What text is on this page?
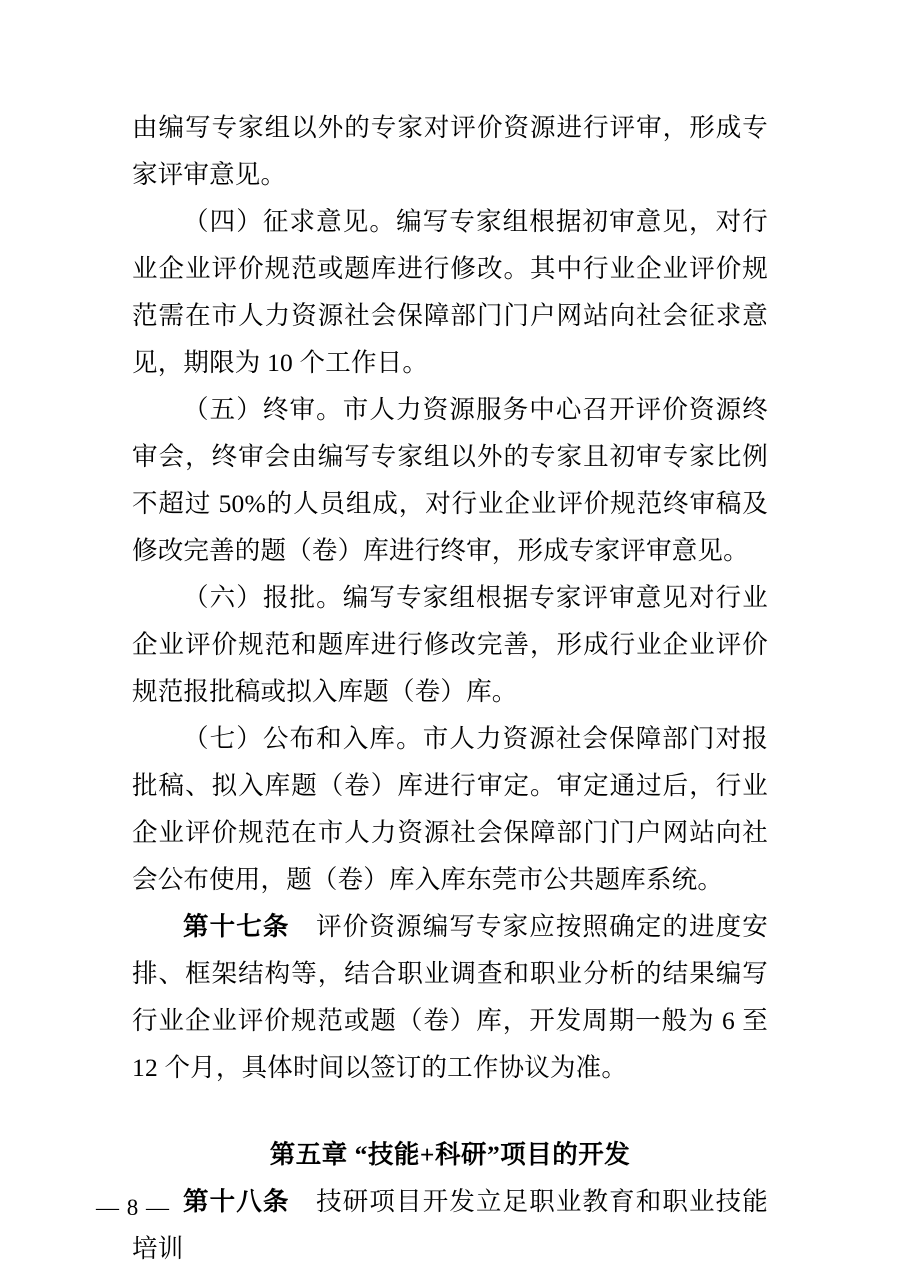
由编写专家组以外的专家对评价资源进行评审，形成专家评审意见。

（四）征求意见。编写专家组根据初审意见，对行业企业评价规范或题库进行修改。其中行业企业评价规范需在市人力资源社会保障部门门户网站向社会征求意见，期限为 10 个工作日。

（五）终审。市人力资源服务中心召开评价资源终审会，终审会由编写专家组以外的专家且初审专家比例不超过 50%的人员组成，对行业企业评价规范终审稿及修改完善的题（卷）库进行终审，形成专家评审意见。

（六）报批。编写专家组根据专家评审意见对行业企业评价规范和题库进行修改完善，形成行业企业评价规范报批稿或拟入库题（卷）库。

（七）公布和入库。市人力资源社会保障部门对报批稿、拟入库题（卷）库进行审定。审定通过后，行业企业评价规范在市人力资源社会保障部门门户网站向社会公布使用，题（卷）库入库东莞市公共题库系统。

第十七条　评价资源编写专家应按照确定的进度安排、框架结构等，结合职业调查和职业分析的结果编写行业企业评价规范或题（卷）库，开发周期一般为 6 至 12 个月，具体时间以签订的工作协议为准。

第五章 “技能+科研”项目的开发

第十八条　技研项目开发立足职业教育和职业技能培训

— 8 —
